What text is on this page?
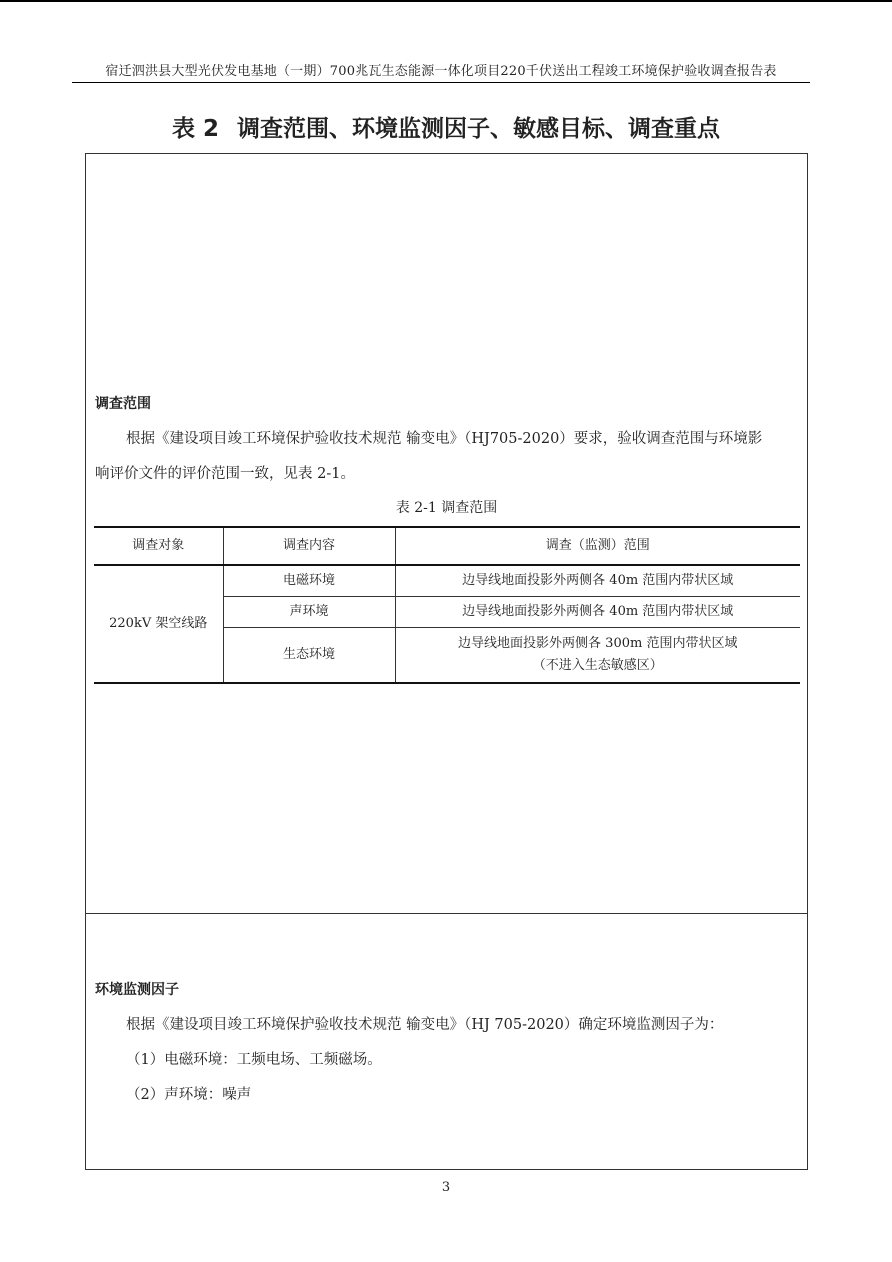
宿迁泗洪县大型光伏发电基地（一期）700兆瓦生态能源一体化项目220千伏送出工程竣工环境保护验收调查报告表
表 2 调查范围、环境监测因子、敏感目标、调查重点
调查范围
根据《建设项目竣工环境保护验收技术规范 输变电》（HJ705-2020）要求，验收调查范围与环境影
响评价文件的评价范围一致，见表 2-1。
表 2-1 调查范围
调查对象	调查内容	调查（监测）范围
220kV 架空线路	电磁环境	边导线地面投影外两侧各 40m 范围内带状区域
	声环境	边导线地面投影外两侧各 40m 范围内带状区域
	生态环境	边导线地面投影外两侧各 300m 范围内带状区域
（不进入生态敏感区）
环境监测因子
根据《建设项目竣工环境保护验收技术规范 输变电》（HJ 705-2020）确定环境监测因子为：
（1）电磁环境：工频电场、工频磁场。
（2）声环境：噪声
3
